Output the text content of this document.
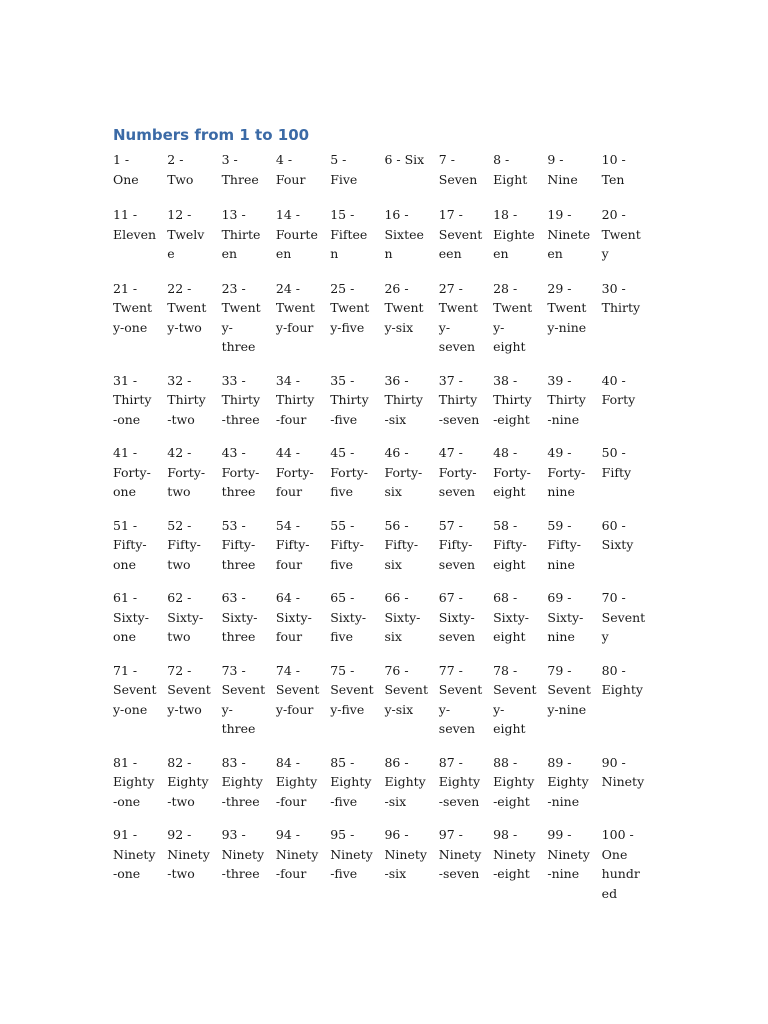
Numbers from 1 to 100
1 -
One
2 -
Two
3 -
Three
4 -
Four
5 -
Five
6 - Six	7 -
Seven
8 -
Eight
9 -
Nine
10 -
Ten
11 -
Eleven
12 -
Twelv
e
13 -
Thirte
en
14 -
Fourte
en
15 -
Fiftee
n
16 -
Sixtee
n
17 -
Sevent
een
18 -
Eighte
en
19 -
Ninete
en
20 -
Twent
y
21 -
Twent
y-one
22 -
Twent
y-two
23 -
Twent
y-
three
24 -
Twent
y-four
25 -
Twent
y-five
26 -
Twent
y-six
27 -
Twent
y-
seven
28 -
Twent
y-
eight
29 -
Twent
y-nine
30 -
Thirty
31 -
Thirty
-one
32 -
Thirty
-two
33 -
Thirty
-three
34 -
Thirty
-four
35 -
Thirty
-five
36 -
Thirty
-six
37 -
Thirty
-seven
38 -
Thirty
-eight
39 -
Thirty
-nine
40 -
Forty
41 -
Forty-
one
42 -
Forty-
two
43 -
Forty-
three
44 -
Forty-
four
45 -
Forty-
five
46 -
Forty-
six
47 -
Forty-
seven
48 -
Forty-
eight
49 -
Forty-
nine
50 -
Fifty
51 -
Fifty-
one
52 -
Fifty-
two
53 -
Fifty-
three
54 -
Fifty-
four
55 -
Fifty-
five
56 -
Fifty-
six
57 -
Fifty-
seven
58 -
Fifty-
eight
59 -
Fifty-
nine
60 -
Sixty
61 -
Sixty-
one
62 -
Sixty-
two
63 -
Sixty-
three
64 -
Sixty-
four
65 -
Sixty-
five
66 -
Sixty-
six
67 -
Sixty-
seven
68 -
Sixty-
eight
69 -
Sixty-
nine
70 -
Sevent
y
71 -
Sevent
y-one
72 -
Sevent
y-two
73 -
Sevent
y-
three
74 -
Sevent
y-four
75 -
Sevent
y-five
76 -
Sevent
y-six
77 -
Sevent
y-
seven
78 -
Sevent
y-
eight
79 -
Sevent
y-nine
80 -
Eighty
81 -
Eighty
-one
82 -
Eighty
-two
83 -
Eighty
-three
84 -
Eighty
-four
85 -
Eighty
-five
86 -
Eighty
-six
87 -
Eighty
-seven
88 -
Eighty
-eight
89 -
Eighty
-nine
90 -
Ninety
91 -
Ninety
-one
92 -
Ninety
-two
93 -
Ninety
-three
94 -
Ninety
-four
95 -
Ninety
-five
96 -
Ninety
-six
97 -
Ninety
-seven
98 -
Ninety
-eight
99 -
Ninety
-nine
100 -
One
hundr
ed
